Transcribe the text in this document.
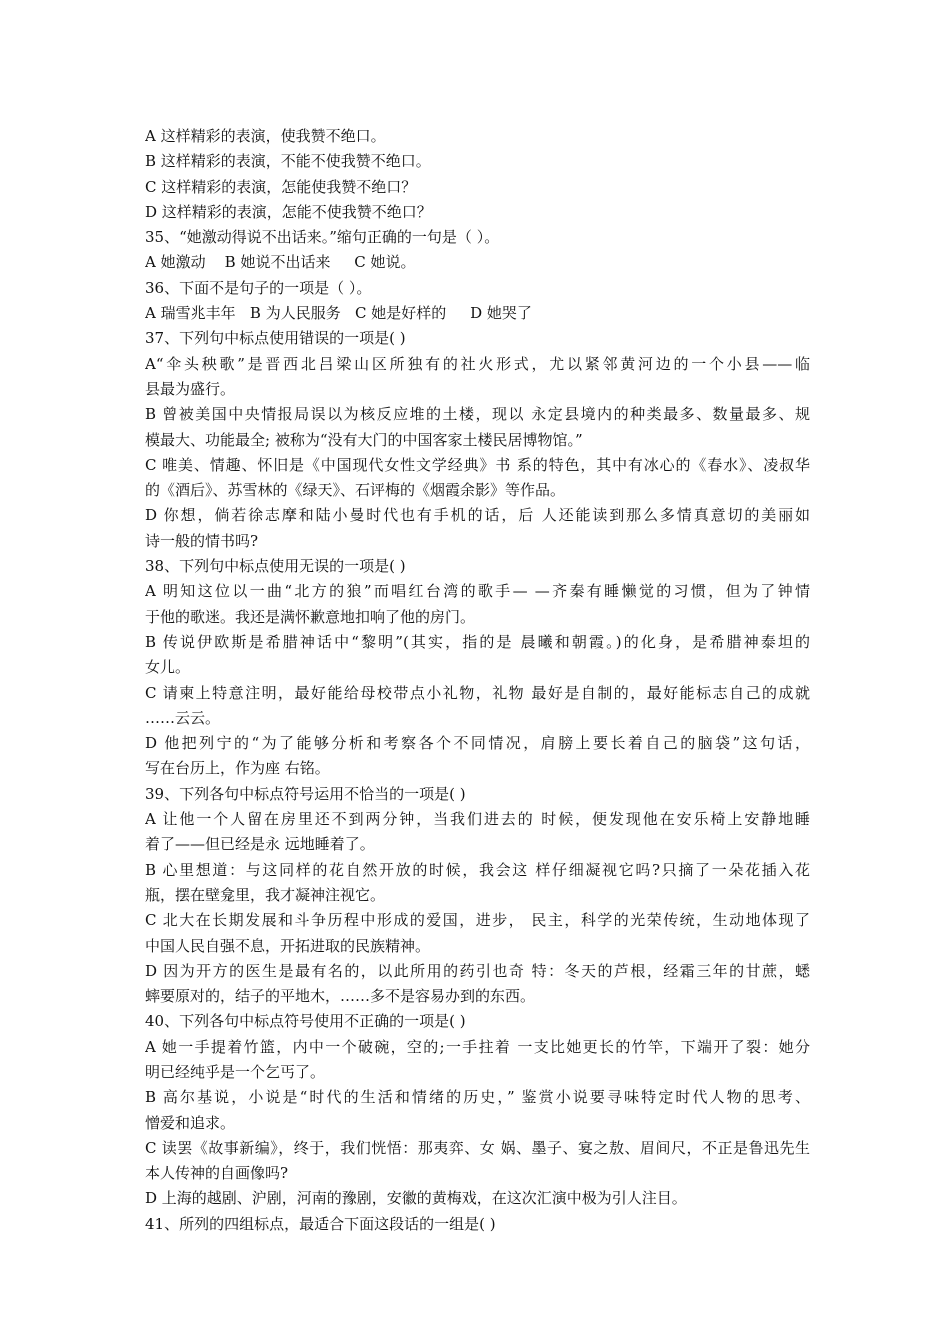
A 这样精彩的表演，使我赞不绝口。
B 这样精彩的表演，不能不使我赞不绝口。
C 这样精彩的表演，怎能使我赞不绝口？
D 这样精彩的表演，怎能不使我赞不绝口？
35、“她激动得说不出话来。”缩句正确的一句是（ ）。
A 她激动    B 她说不出话来     C 她说。
36、下面不是句子的一项是（ ）。
A 瑞雪兆丰年   B 为人民服务   C 她是好样的     D 她哭了
37、下列句中标点使用错误的一项是( )
A“伞头秧歌”是晋西北吕梁山区所独有的社火形式，尤以紧邻黄河边的一个小县——临
县最为盛行。
B 曾被美国中央情报局误以为核反应堆的土楼，现以 永定县境内的种类最多、数量最多、规
模最大、功能最全; 被称为“没有大门的中国客家土楼民居博物馆。”
C 唯美、情趣、怀旧是《中国现代女性文学经典》书 系的特色，其中有冰心的《春水》、凌叔华
的《酒后》、苏雪林的《绿天》、石评梅的《烟霞余影》等作品。
D 你想，倘若徐志摩和陆小曼时代也有手机的话，后 人还能读到那么多情真意切的美丽如
诗一般的情书吗?
38、下列句中标点使用无误的一项是( )
A 明知这位以一曲“北方的狼”而唱红台湾的歌手— —齐秦有睡懒觉的习惯，但为了钟情
于他的歌迷。我还是满怀歉意地扣响了他的房门。
B 传说伊欧斯是希腊神话中“黎明”(其实，指的是 晨曦和朝霞。)的化身，是希腊神泰坦的
女儿。
C 请柬上特意注明，最好能给母校带点小礼物，礼物 最好是自制的，最好能标志自己的成就
……云云。
D 他把列宁的“为了能够分析和考察各个不同情况，肩膀上要长着自己的脑袋”这句话，
写在台历上，作为座 右铭。
39、下列各句中标点符号运用不恰当的一项是( )
A 让他一个人留在房里还不到两分钟，当我们进去的 时候，便发现他在安乐椅上安静地睡
着了——但已经是永 远地睡着了。
B 心里想道：与这同样的花自然开放的时候，我会这 样仔细凝视它吗?只摘了一朵花插入花
瓶，摆在壁龛里，我才凝神注视它。
C 北大在长期发展和斗争历程中形成的爱国，进步， 民主，科学的光荣传统，生动地体现了
中国人民自强不息，开拓进取的民族精神。
D 因为开方的医生是最有名的，以此所用的药引也奇 特：冬天的芦根，经霜三年的甘蔗，蟋
蟀要原对的，结子的平地木，……多不是容易办到的东西。
40、下列各句中标点符号使用不正确的一项是( )
A 她一手提着竹篮，内中一个破碗，空的;一手拄着 一支比她更长的竹竿，下端开了裂：她分
明已经纯乎是一个乞丐了。
B 高尔基说，小说是“时代的生活和情绪的历史，” 鉴赏小说要寻味特定时代人物的思考、
憎爱和追求。
C 读罢《故事新编》，终于，我们恍悟：那夷弈、女 娲、墨子、宴之敖、眉间尺，不正是鲁迅先生
本人传神的自画像吗?
D 上海的越剧、沪剧，河南的豫剧，安徽的黄梅戏，在这次汇演中极为引人注目。
41、所列的四组标点，最适合下面这段话的一组是( )
